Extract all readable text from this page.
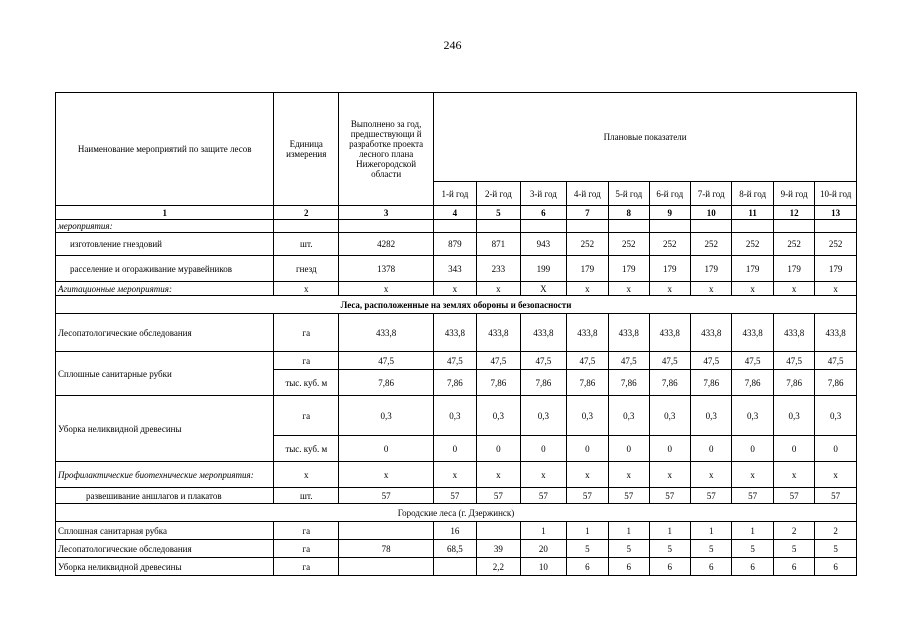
246
Наименование мероприятий по защите лесов	Единица измерения	Выполнено за год, предшествующи й разработке проекта лесного плана Нижегородской области	Плановые показатели									
			1-й год	2-й год	3-й год	4-й год	5-й год	6-й год	7-й год	8-й год	9-й год	10-й год
1	2	3	4	5	6	7	8	9	10	11	12	13
мероприятия:												
изготовление гнездовий	шт.	4282	879	871	943	252	252	252	252	252	252	252
расселение и огораживание муравейников	гнезд	1378	343	233	199	179	179	179	179	179	179	179
Агитационные мероприятия:	х	х	х	х	Х	х	х	х	х	х	х	х
Леса, расположенные на землях обороны и безопасности												
Лесопатологические обследования	га	433,8	433,8	433,8	433,8	433,8	433,8	433,8	433,8	433,8	433,8	433,8
Сплошные санитарные рубки	га	47,5	47,5	47,5	47,5	47,5	47,5	47,5	47,5	47,5	47,5	47,5
	тыс. куб. м	7,86	7,86	7,86	7,86	7,86	7,86	7,86	7,86	7,86	7,86	7,86
Уборка неликвидной древесины	га	0,3	0,3	0,3	0,3	0,3	0,3	0,3	0,3	0,3	0,3	0,3
	тыс. куб. м	0	0	0	0	0	0	0	0	0	0	0
Профилактические биотехнические мероприятия:	х	х	х	х	х	х	х	х	х	х	х	х
развешивание аншлагов и плакатов	шт.	57	57	57	57	57	57	57	57	57	57	57
Городские леса (г. Дзержинск)												
Сплошная санитарная рубка	га		16		1	1	1	1	1	1	2	2
Лесопатологические обследования	га	78	68,5	39	20	5	5	5	5	5	5	5
Уборка неликвидной древесины	га			2,2	10	6	6	6	6	6	6	6
